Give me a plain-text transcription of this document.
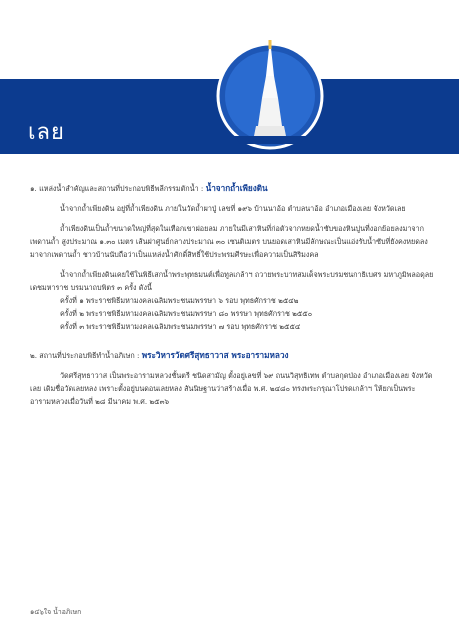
เลย

๑. แหล่งน้ำสำคัญและสถานที่ประกอบพิธีพลีกรรมตักน้ำ : น้ำจากถ้ำเพียงดิน

น้ำจากถ้ำเพียงดิน อยู่ที่ถ้ำเพียงดิน ภายในวัดถ้ำผาปู่ เลขที่ ๑๙๖ บ้านนาอ้อ ตำบลนาอ้อ อำเภอเมืองเลย จังหวัดเลย

ถ้ำเพียงดินเป็นถ้ำขนาดใหญ่ที่สุดในเทือกเขาผ่อยลม ภายในมีเสาหินที่ก่อตัวจากหยดน้ำซับของหินปูนที่งอกย้อยลงมาจากเพดานถ้ำ สูงประมาณ ๑.๓๐ เมตร เส้นผ่าศูนย์กลางประมาณ ๓๐ เซนติเมตร บนยอดเสาหินมีลักษณะเป็นแอ่งรับน้ำซับที่ยังคงหยดลงมาจากเพดานถ้ำ ชาวบ้านนับถือว่าเป็นแหล่งน้ำศักดิ์สิทธิ์ใช้ประพรมศีรษะเพื่อความเป็นสิริมงคล

น้ำจากถ้ำเพียงดินเคยใช้ในพิธีเสกน้ำพระพุทธมนต์เพื่อทูลเกล้าฯ ถวายพระบาทสมเด็จพระบรมชนกาธิเบศร มหาภูมิพลอดุลยเดชมหาราช บรมนาถบพิตร ๓ ครั้ง ดังนี้

ครั้งที่ ๑ พระราชพิธีมหามงคลเฉลิมพระชนมพรรษา ๖ รอบ พุทธศักราช ๒๕๔๒

ครั้งที่ ๒ พระราชพิธีมหามงคลเฉลิมพระชนมพรรษา ๘๐ พรรษา พุทธศักราช ๒๕๕๐

ครั้งที่ ๓ พระราชพิธีมหามงคลเฉลิมพระชนมพรรษา ๗ รอบ พุทธศักราช ๒๕๕๔

๒. สถานที่ประกอบพิธีทำน้ำอภิเษก : พระวิหารวัดศรีสุทธาวาส พระอารามหลวง

วัดศรีสุทธาวาส เป็นพระอารามหลวงชั้นตรี ชนิดสามัญ ตั้งอยู่เลขที่ ๖๙ ถนนวิสุทธิเทพ ตำบลกุดป่อง อำเภอเมืองเลย จังหวัดเลย เดิมชื่อวัดเลยหลง เพราะตั้งอยู่บนดอนเลยหลง สันนิษฐานว่าสร้างเมื่อ พ.ศ. ๒๔๘๐ ทรงพระกรุณาโปรดเกล้าฯ ให้ยกเป็นพระอารามหลวงเมื่อวันที่ ๒๘ มีนาคม พ.ศ. ๒๕๓๖

๑๔๖ใจ น้ำอภิเษก
